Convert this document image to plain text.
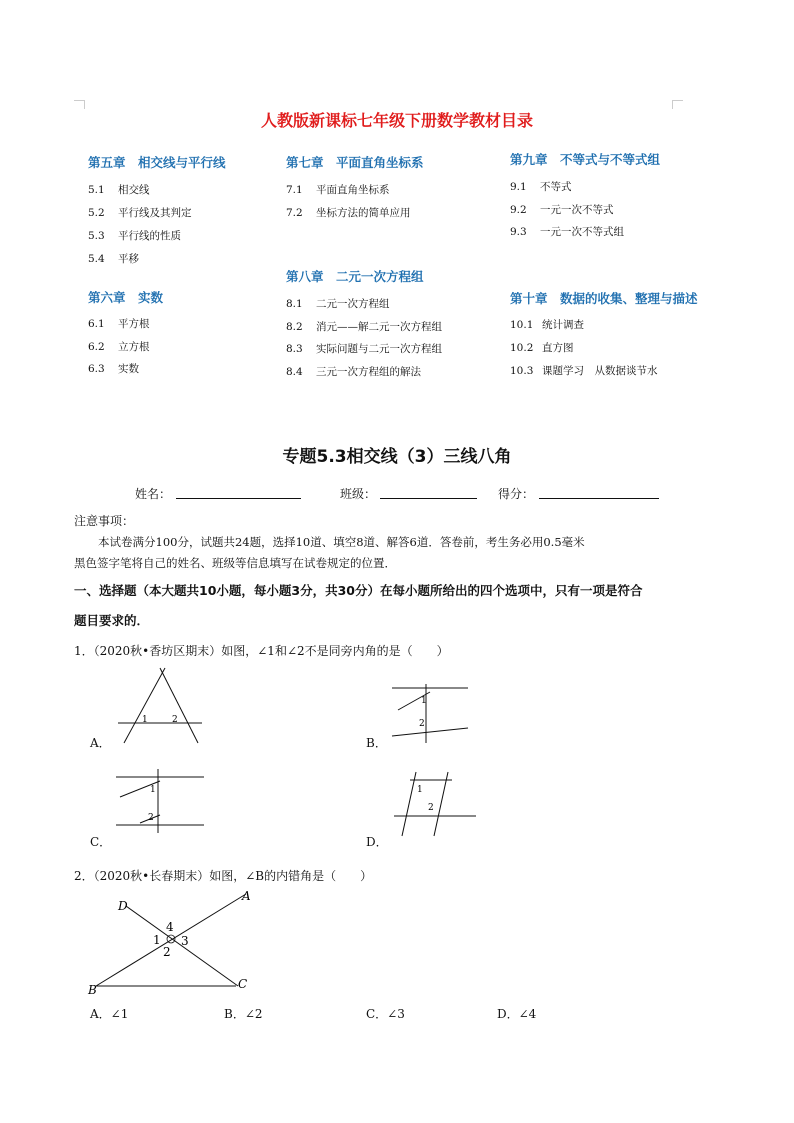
人教版新课标七年级下册数学教材目录
第五章　相交线与平行线
5.1 相交线
5.2 平行线及其判定
5.3 平行线的性质
5.4 平移
第六章　实数
6.1 平方根
6.2 立方根
6.3 实数
第七章　平面直角坐标系
7.1 平面直角坐标系
7.2 坐标方法的简单应用
第八章　二元一次方程组
8.1 二元一次方程组
8.2 消元——解二元一次方程组
8.3 实际问题与二元一次方程组
8.4 三元一次方程组的解法
第九章　不等式与不等式组
9.1 不等式
9.2 一元一次不等式
9.3 一元一次不等式组
第十章　数据的收集、整理与描述
10.1 统计调查
10.2 直方图
10.3 课题学习　从数据谈节水
专题5.3相交线（3）三线八角
姓名：	班级：	得分：
注意事项：
本试卷满分100分，试题共24题，选择10道、填空8道、解答6道．答卷前，考生务必用0.5毫米
黑色签字笔将自己的姓名、班级等信息填写在试卷规定的位置．
一、选择题（本大题共10小题，每小题3分，共30分）在每小题所给出的四个选项中，只有一项是符合
题目要求的．
1．（2020秋•香坊区期末）如图，∠1和∠2不是同旁内角的是（　　）
1	2
A．
1
2
B．
1
2
C．
1
2
D．
2．（2020秋•长春期末）如图，∠B的内错角是（　　）
A
D
B	C
4
1 3
2
A．∠1	B．∠2	C．∠3	D．∠4
